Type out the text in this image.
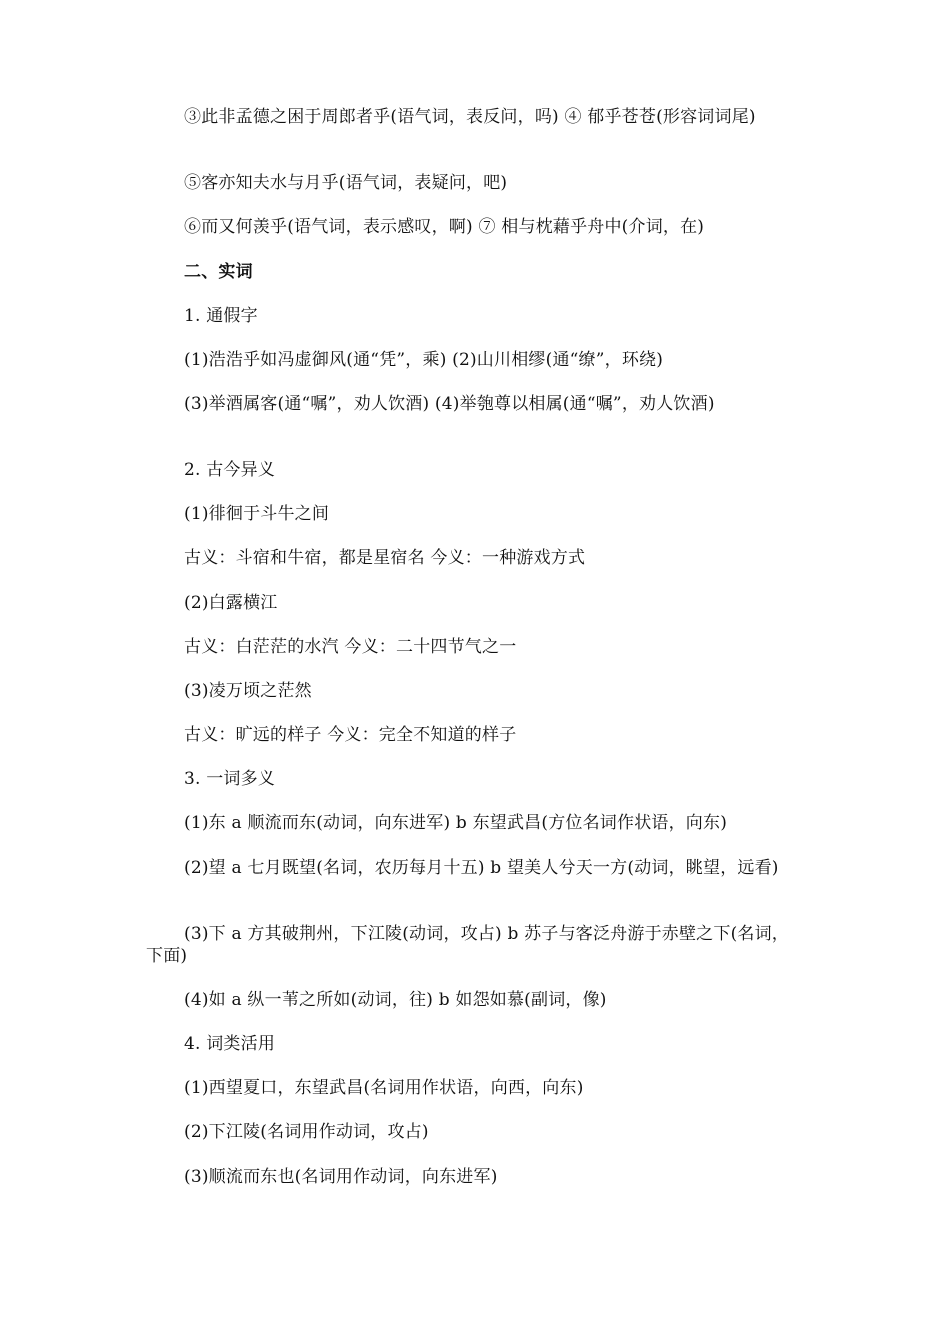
③此非孟德之困于周郎者乎(语气词，表反问，吗) ④ 郁乎苍苍(形容词词尾)

⑤客亦知夫水与月乎(语气词，表疑问，吧)

⑥而又何羡乎(语气词，表示感叹，啊) ⑦ 相与枕藉乎舟中(介词，在)

二、实词

1. 通假字

(1)浩浩乎如冯虚御风(通“凭”，乘) (2)山川相缪(通“缭”，环绕)

(3)举酒属客(通“嘱”，劝人饮酒) (4)举匏尊以相属(通“嘱”，劝人饮酒)

2. 古今异义

(1)徘徊于斗牛之间

古义：斗宿和牛宿，都是星宿名 今义：一种游戏方式

(2)白露横江

古义：白茫茫的水汽 今义：二十四节气之一

(3)凌万顷之茫然

古义：旷远的样子 今义：完全不知道的样子

3. 一词多义

(1)东 a 顺流而东(动词，向东进军) b 东望武昌(方位名词作状语，向东)

(2)望 a 七月既望(名词，农历每月十五) b 望美人兮天一方(动词，眺望，远看)

(3)下 a 方其破荆州，下江陵(动词，攻占) b 苏子与客泛舟游于赤壁之下(名词，下面)

(4)如 a 纵一苇之所如(动词，往) b 如怨如慕(副词，像)

4. 词类活用

(1)西望夏口，东望武昌(名词用作状语，向西，向东)

(2)下江陵(名词用作动词，攻占)

(3)顺流而东也(名词用作动词，向东进军)
